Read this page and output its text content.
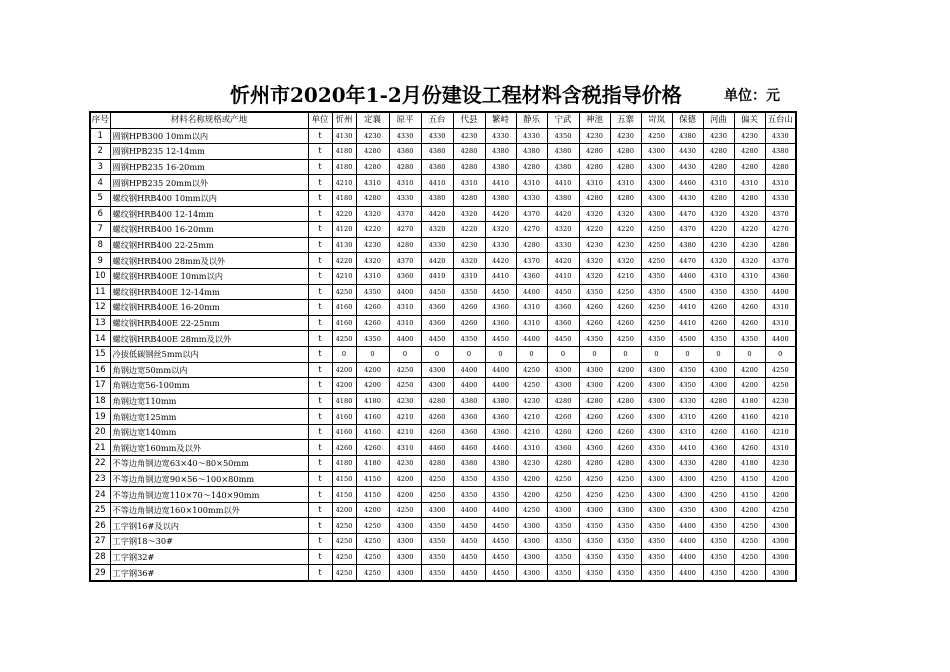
忻州市2020年1-2月份建设工程材料含税指导价格	单位：元
序号	材料名称规格或产地	单位	忻州	定襄	原平	五台	代县	繁峙	静乐	宁武	神池	五寨	岢岚	保德	河曲	偏关	五台山
1	圆钢HPB300 10mm以内	t	4130	4230	4330	4330	4230	4330	4330	4350	4230	4230	4250	4380	4230	4230	4330
2	圆钢HPB235 12-14mm	t	4180	4280	4380	4380	4280	4380	4380	4380	4280	4280	4300	4430	4280	4280	4380
3	圆钢HPB235 16-20mm	t	4180	4280	4280	4380	4280	4380	4280	4380	4280	4280	4300	4430	4280	4280	4280
4	圆钢HPB235 20mm以外	t	4210	4310	4310	4410	4310	4410	4310	4410	4310	4310	4300	4460	4310	4310	4310
5	螺纹钢HRB400 10mm以内	t	4180	4280	4330	4380	4280	4380	4330	4380	4280	4280	4300	4430	4280	4280	4330
6	螺纹钢HRB400 12-14mm	t	4220	4320	4370	4420	4320	4420	4370	4420	4320	4320	4300	4470	4320	4320	4370
7	螺纹钢HRB400 16-20mm	t	4120	4220	4270	4320	4220	4320	4270	4320	4220	4220	4250	4370	4220	4220	4270
8	螺纹钢HRB400 22-25mm	t	4130	4230	4280	4330	4230	4330	4280	4330	4230	4230	4250	4380	4230	4230	4280
9	螺纹钢HRB400 28mm及以外	t	4220	4320	4370	4420	4320	4420	4370	4420	4320	4320	4250	4470	4320	4320	4370
10	螺纹钢HRB400E 10mm以内	t	4210	4310	4360	4410	4310	4410	4360	4410	4320	4210	4350	4460	4310	4310	4360
11	螺纹钢HRB400E 12-14mm	t	4250	4350	4400	4450	4350	4450	4400	4450	4350	4250	4350	4500	4350	4350	4400
12	螺纹钢HRB400E 16-20mm	t	4160	4260	4310	4360	4260	4360	4310	4360	4260	4260	4250	4410	4260	4260	4310
13	螺纹钢HRB400E 22-25mm	t	4160	4260	4310	4360	4260	4360	4310	4360	4260	4260	4250	4410	4260	4260	4310
14	螺纹钢HRB400E 28mm及以外	t	4250	4350	4400	4450	4350	4450	4400	4450	4350	4250	4350	4500	4350	4350	4400
15	冷拔低碳钢丝5mm以内	t	0	0	0	0	0	0	0	0	0	0	0	0	0	0	0
16	角钢边宽50mm以内	t	4200	4200	4250	4300	4400	4400	4250	4300	4300	4200	4300	4350	4300	4200	4250
17	角钢边宽56-100mm	t	4200	4200	4250	4300	4400	4400	4250	4300	4300	4200	4300	4350	4300	4200	4250
18	角钢边宽110mm	t	4180	4180	4230	4280	4380	4380	4230	4280	4280	4280	4300	4330	4280	4180	4230
19	角钢边宽125mm	t	4160	4160	4210	4260	4360	4360	4210	4260	4260	4260	4300	4310	4260	4160	4210
20	角钢边宽140mm	t	4160	4160	4210	4260	4360	4360	4210	4260	4260	4260	4300	4310	4260	4160	4210
21	角钢边宽160mm及以外	t	4260	4260	4310	4460	4460	4460	4310	4360	4360	4260	4350	4410	4360	4260	4310
22	不等边角钢边宽63×40～80×50mm	t	4180	4180	4230	4280	4380	4380	4230	4280	4280	4280	4300	4330	4280	4180	4230
23	不等边角钢边宽90×56～100×80mm	t	4150	4150	4200	4250	4350	4350	4200	4250	4250	4250	4300	4300	4250	4150	4200
24	不等边角钢边宽110×70～140×90mm	t	4150	4150	4200	4250	4350	4350	4200	4250	4250	4250	4300	4300	4250	4150	4200
25	不等边角钢边宽160×100mm以外	t	4200	4200	4250	4300	4400	4400	4250	4300	4300	4300	4300	4350	4300	4200	4250
26	工字钢16#及以内	t	4250	4250	4300	4350	4450	4450	4300	4350	4350	4350	4350	4400	4350	4250	4300
27	工字钢18～30#	t	4250	4250	4300	4350	4450	4450	4300	4350	4350	4350	4350	4400	4350	4250	4300
28	工字钢32#	t	4250	4250	4300	4350	4450	4450	4300	4350	4350	4350	4350	4400	4350	4250	4300
29	工字钢36#	t	4250	4250	4300	4350	4450	4450	4300	4350	4350	4350	4350	4400	4350	4250	4300
